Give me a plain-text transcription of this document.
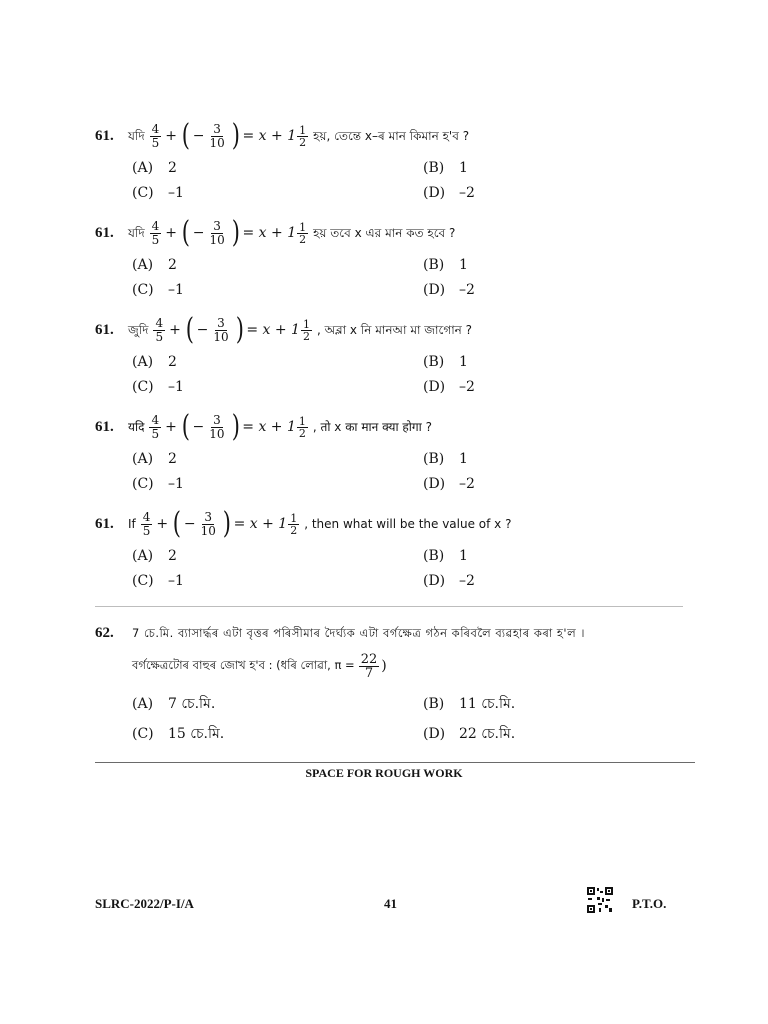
61. যদি $\frac{4}{5}$ + ( − $\frac{3}{10}$ ) = $x + 1 \frac{1}{2}$ হয়, তেন্তে x–ৰ মান কিমান হ'ব ?
(A) 2	(B) 1
(C) –1	(D) –2
61. যদি $\frac{4}{5}$ + ( − $\frac{3}{10}$ ) = $x + 1 \frac{1}{2}$ হয় তবে x এর মান কত হবে ?
(A) 2	(B) 1
(C) –1	(D) –2
61. জুদি $\frac{4}{5}$ + ( − $\frac{3}{10}$ ) = $x + 1 \frac{1}{2}$ , অব্লা x নি মানআ মা জাগোন ?
(A) 2	(B) 1
(C) –1	(D) –2
61. यदि $\frac{4}{5}$ + ( − $\frac{3}{10}$ ) = $x + 1 \frac{1}{2}$ , तो x का मान क्या होगा ?
(A) 2	(B) 1
(C) –1	(D) –2
61. If $\frac{4}{5}$ + ( − $\frac{3}{10}$ ) = $x + 1 \frac{1}{2}$ , then what will be the value of x ?
(A) 2	(B) 1
(C) –1	(D) –2
62. 7 চে.মি. ব্যাসাৰ্দ্ধৰ এটা বৃত্তৰ পৰিসীমাৰ দৈৰ্ঘ্যক এটা বৰ্গক্ষেত্ৰ গঠন কৰিবলৈ ব্যৱহাৰ কৰা হ'ল ।
বৰ্গক্ষেত্ৰটোৰ বাহুৰ জোখ হ'ব : (ধৰি লোৱা, $\pi = \frac{22}{7}$ )
(A) 7 চে.মি.	(B) 11 চে.মি.
(C) 15 চে.মি.	(D) 22 চে.মি.
SPACE FOR ROUGH WORK
SLRC-2022/P-I/A	41	P.T.O.
